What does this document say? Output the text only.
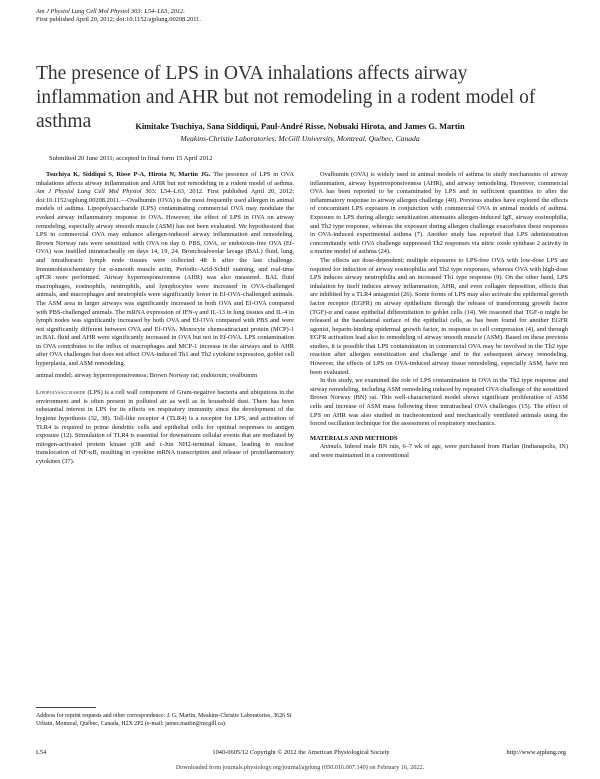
Am J Physiol Lung Cell Mol Physiol 303: L54–L63, 2012.
First published April 20, 2012; doi:10.1152/ajplung.00208.2011.
The presence of LPS in OVA inhalations affects airway inflammation and AHR but not remodeling in a rodent model of asthma	Kimitake Tsuchiya, Sana Siddiqui, Paul-André Risse, Nobuaki Hirota, and James G. Martin
Meakins-Christie Laboratories, McGill University, Montreal, Québec, Canada
Submitted 20 June 2011; accepted in final form 15 April 2012

Tsuchiya K, Siddiqui S, Risse P-A, Hirota N, Martin JG. The presence of LPS in OVA inhalations affects airway inflammation and AHR but not remodeling in a rodent model of asthma. Am J Physiol Lung Cell Mol Physiol 303: L54–L63, 2012. First published April 20, 2012; doi:10.1152/ajplung.00208.2011.—Ovalbumin (OVA) is the most frequently used allergen in animal models of asthma. Lipopolysaccharide (LPS) contaminating commercial OVA may modulate the evoked airway inflammatory response to OVA. However, the effect of LPS in OVA on airway remodeling, especially airway smooth muscle (ASM) has not been evaluated. We hypothesized that LPS in commercial OVA may enhance allergen-induced airway inflammation and remodeling. Brown Norway rats were sensitized with OVA on day 0. PBS, OVA, or endotoxin-free OVA (Ef-OVA) was instilled intratracheally on days 14, 19, 24. Bronchoalveolar lavage (BAL) fluid, lung, and intrathoracic lymph node tissues were collected 48 h after the last challenge. Immunohistochemistry for α-smooth muscle actin, Periodic-Acid-Schiff staining, and real-time qPCR were performed. Airway hyperresponsiveness (AHR) was also measured. BAL fluid macrophages, eosinophils, neutrophils, and lymphocytes were increased in OVA-challenged animals, and macrophages and neutrophils were significantly lower in Ef-OVA-challenged animals. The ASM area in larger airways was significantly increased in both OVA and Ef-OVA compared with PBS-challenged animals. The mRNA expression of IFN-γ and IL-13 in lung tissues and IL-4 in lymph nodes was significantly increased by both OVA and Ef-OVA compared with PBS and were not significantly different between OVA and Ef-OVA. Monocyte chemoattractant protein (MCP)-1 in BAL fluid and AHR were significantly increased in OVA but not in Ef-OVA. LPS contamination in OVA contributes to the influx of macrophages and MCP-1 increase in the airways and to AHR after OVA challenges but does not affect OVA-induced Th1 and Th2 cytokine expression, goblet cell hyperplasia, and ASM remodeling.

animal model; airway hyperresponsiveness; Brown Norway rat; endotoxin; ovalbumin

Lipopolysaccharide (LPS) is a cell wall component of Gram-negative bacteria and ubiquitous in the environment and is often present in polluted air as well as in household dust. There has been substantial interest in LPS for its effects on respiratory immunity since the development of the hygiene hypothesis (32, 38). Toll-like receptor 4 (TLR4) is a receptor for LPS, and activation of TLR4 is required to prime dendritic cells and epithelial cells for optimal responses to antigen exposure (12). Stimulation of TLR4 is essential for downstream cellular events that are mediated by mitogen-activated protein kinase p38 and c-Jun NH2-terminal kinase, leading to nuclear translocation of NF-κB, resulting in cytokine mRNA transcription and release of proinflammatory cytokines (37).

Ovalbumin (OVA) is widely used in animal models of asthma to study mechanisms of airway inflammation, airway hyperresponsiveness (AHR), and airway remodeling. However, commercial OVA has been reported to be contaminated by LPS and in sufficient quantities to alter the inflammatory response to airway allergen challenge (40). Previous studies have explored the effects of concomitant LPS exposure in conjunction with commercial OVA in animal models of asthma. Exposure to LPS during allergic sensitization attenuates allergen-induced IgE, airway eosinophilia, and Th2 type response, whereas the exposure during allergen challenge exacerbates these responses in OVA-induced experimental asthma (7). Another study has reported that LPS administration concomitantly with OVA challenge suppressed Th2 responses via nitric oxide synthase 2 activity in a murine model of asthma (24).

The effects are dose-dependent; multiple exposures to LPS-free OVA with low-dose LPS are required for induction of airway eosinophilia and Th2 type responses, whereas OVA with high-dose LPS induces airway neutrophilia and an increased Th1 type response (9). On the other hand, LPS inhalation by itself induces airway inflammation, AHR, and even collagen deposition, effects that are inhibited by a TLR4 antagonist (26). Some forms of LPS may also activate the epidermal growth factor receptor (EGFR) on airway epithelium through the release of transforming growth factor (TGF)-α and cause epithelial differentiation to goblet cells (14). We reasoned that TGF-α might be released at the basolateral surface of the epithelial cells, as has been found for another EGFR agonist, heparin-binding epidermal growth factor, in response to cell compression (4), and through EGFR activation lead also to remodeling of airway smooth muscle (ASM). Based on these previous studies, it is possible that LPS contamination in commercial OVA may be involved in the Th2 type reaction after allergen sensitization and challenge and in the subsequent airway remodeling. However, the effects of LPS on OVA-induced airway tissue remodeling, especially ASM, have not been evaluated.

In this study, we examined the role of LPS contamination in OVA in the Th2 type response and airway remodeling, including ASM remodeling induced by repeated OVA challenge of the sensitized Brown Norway (BN) rat. This well-characterized model shows significant proliferation of ASM cells and increase of ASM mass following three intratracheal OVA challenges (15). The effect of LPS on AHR was also studied in tracheotomized and mechanically ventilated animals using the forced oscillation technique for the assessment of respiratory mechanics.

MATERIALS AND METHODS

Animals. Inbred male BN rats, 6–7 wk of age, were purchased from Harlan (Indianapolis, IN) and were maintained in a conventional

Address for reprint requests and other correspondence: J. G. Martin, Meakins-Christie Laboratories, 3626 St Urbain, Montreal, Québec, Canada, H2X 2P2 (e-mail: james.martin@mcgill.ca).
L54	1040-0605/12 Copyright © 2012 the American Physiological Society	http://www.ajplung.org
Downloaded from journals.physiology.org/journal/ajplung (050.016.007.140) on February 16, 2022.
